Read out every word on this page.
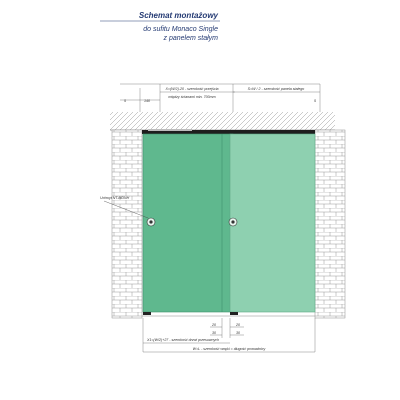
Schemat montażowy
do sufitu Monaco Single
z panelem stałym
X=(W/2)-20 - szerokość przejścia
między ścianami min. 700mm
S=W / 2 - szerokość panela stałego
5	140	5
Uchwyt NT-MDNH
20	20
30	30
X1=(W/2)+27 - szerokość drzwi przesuwnych
W=L - szerokość wnęki = długość prowadnicy
